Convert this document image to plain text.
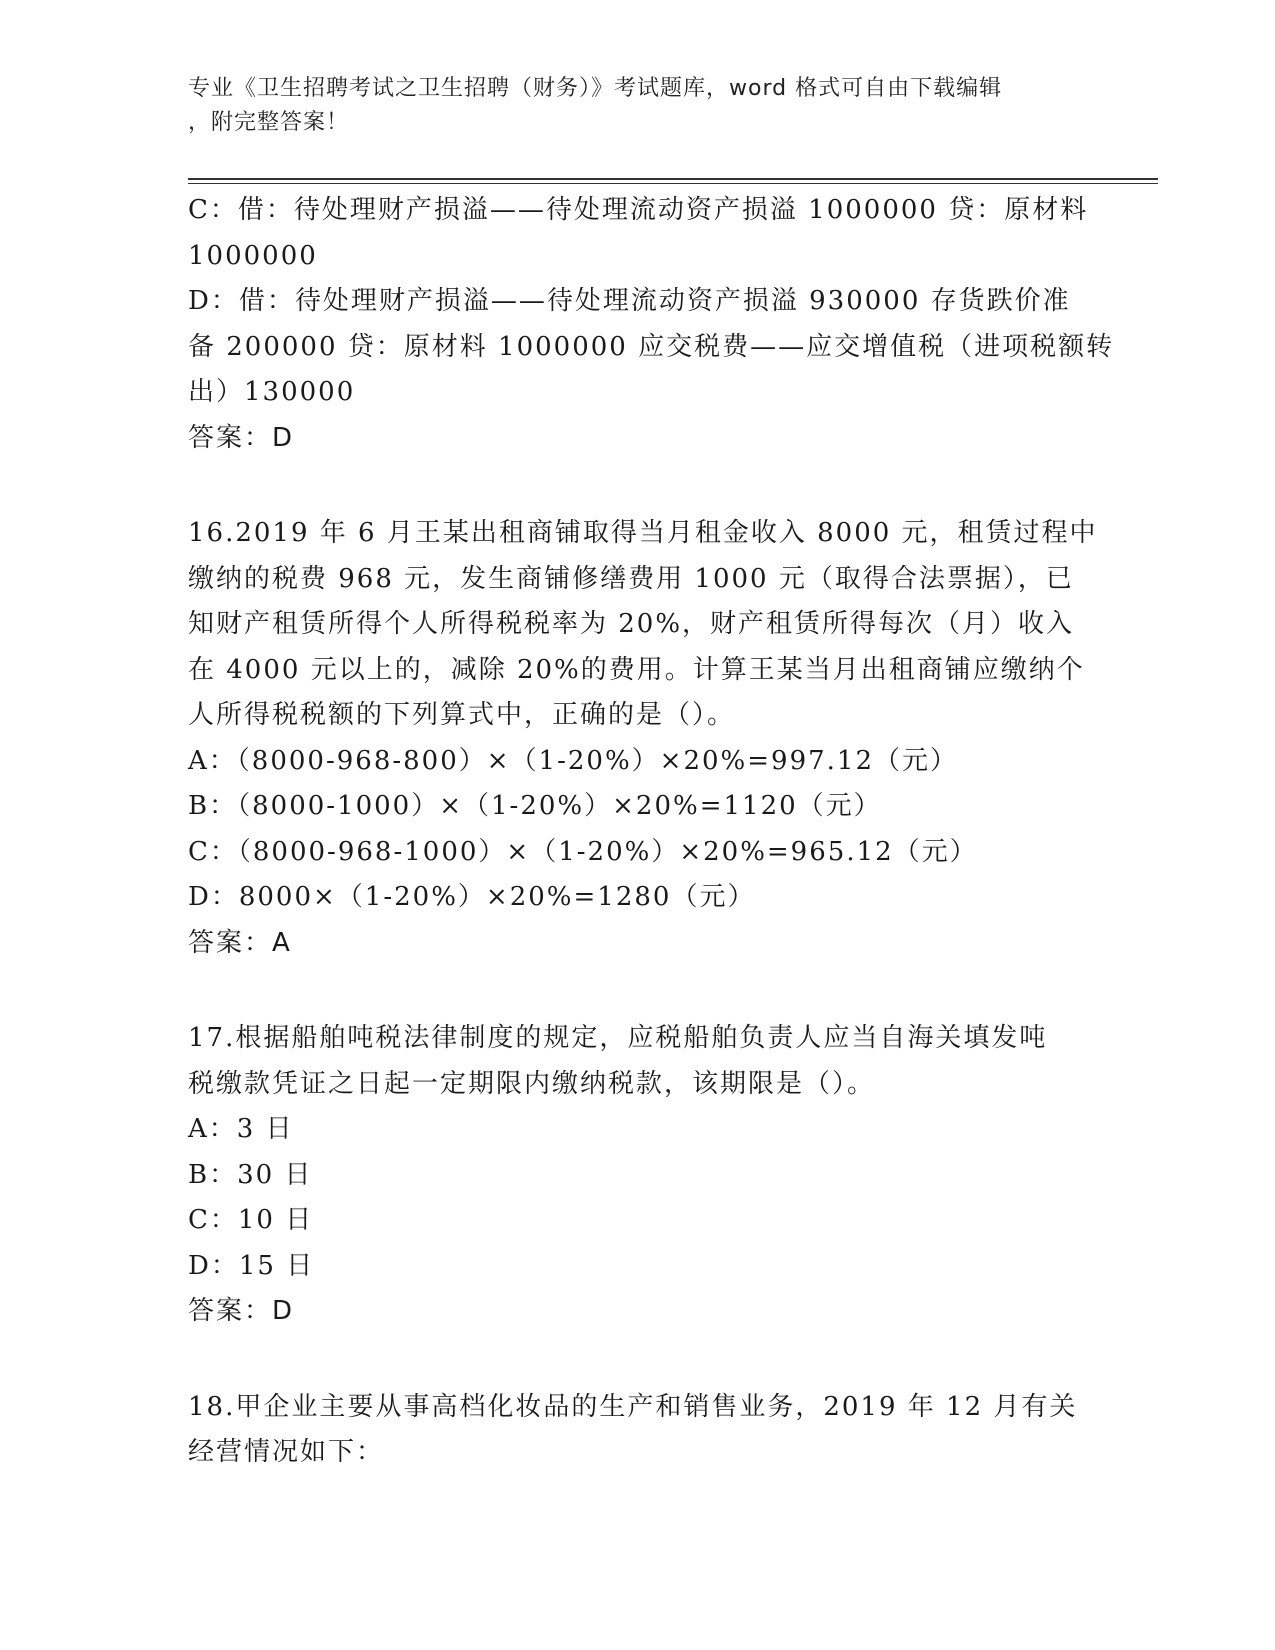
专业《卫生招聘考试之卫生招聘（财务）》考试题库，word 格式可自由下载编辑
，附完整答案！
C：借：待处理财产损溢——待处理流动资产损溢 1000000 贷：原材料
1000000
D：借：待处理财产损溢——待处理流动资产损溢 930000 存货跌价准
备 200000 贷：原材料 1000000 应交税费——应交增值税（进项税额转
出）130000
答案：D
16.2019 年 6 月王某出租商铺取得当月租金收入 8000 元，租赁过程中
缴纳的税费 968 元，发生商铺修缮费用 1000 元（取得合法票据），已
知财产租赁所得个人所得税税率为 20%，财产租赁所得每次（月）收入
在 4000 元以上的，减除 20%的费用。计算王某当月出租商铺应缴纳个
人所得税税额的下列算式中，正确的是（）。
A：（8000-968-800）×（1-20%）×20%=997.12（元）
B：（8000-1000）×（1-20%）×20%=1120（元）
C：（8000-968-1000）×（1-20%）×20%=965.12（元）
D：8000×（1-20%）×20%=1280（元）
答案：A
17.根据船舶吨税法律制度的规定，应税船舶负责人应当自海关填发吨
税缴款凭证之日起一定期限内缴纳税款，该期限是（）。
A：3 日
B：30 日
C：10 日
D：15 日
答案：D
18.甲企业主要从事高档化妆品的生产和销售业务，2019 年 12 月有关
经营情况如下：
